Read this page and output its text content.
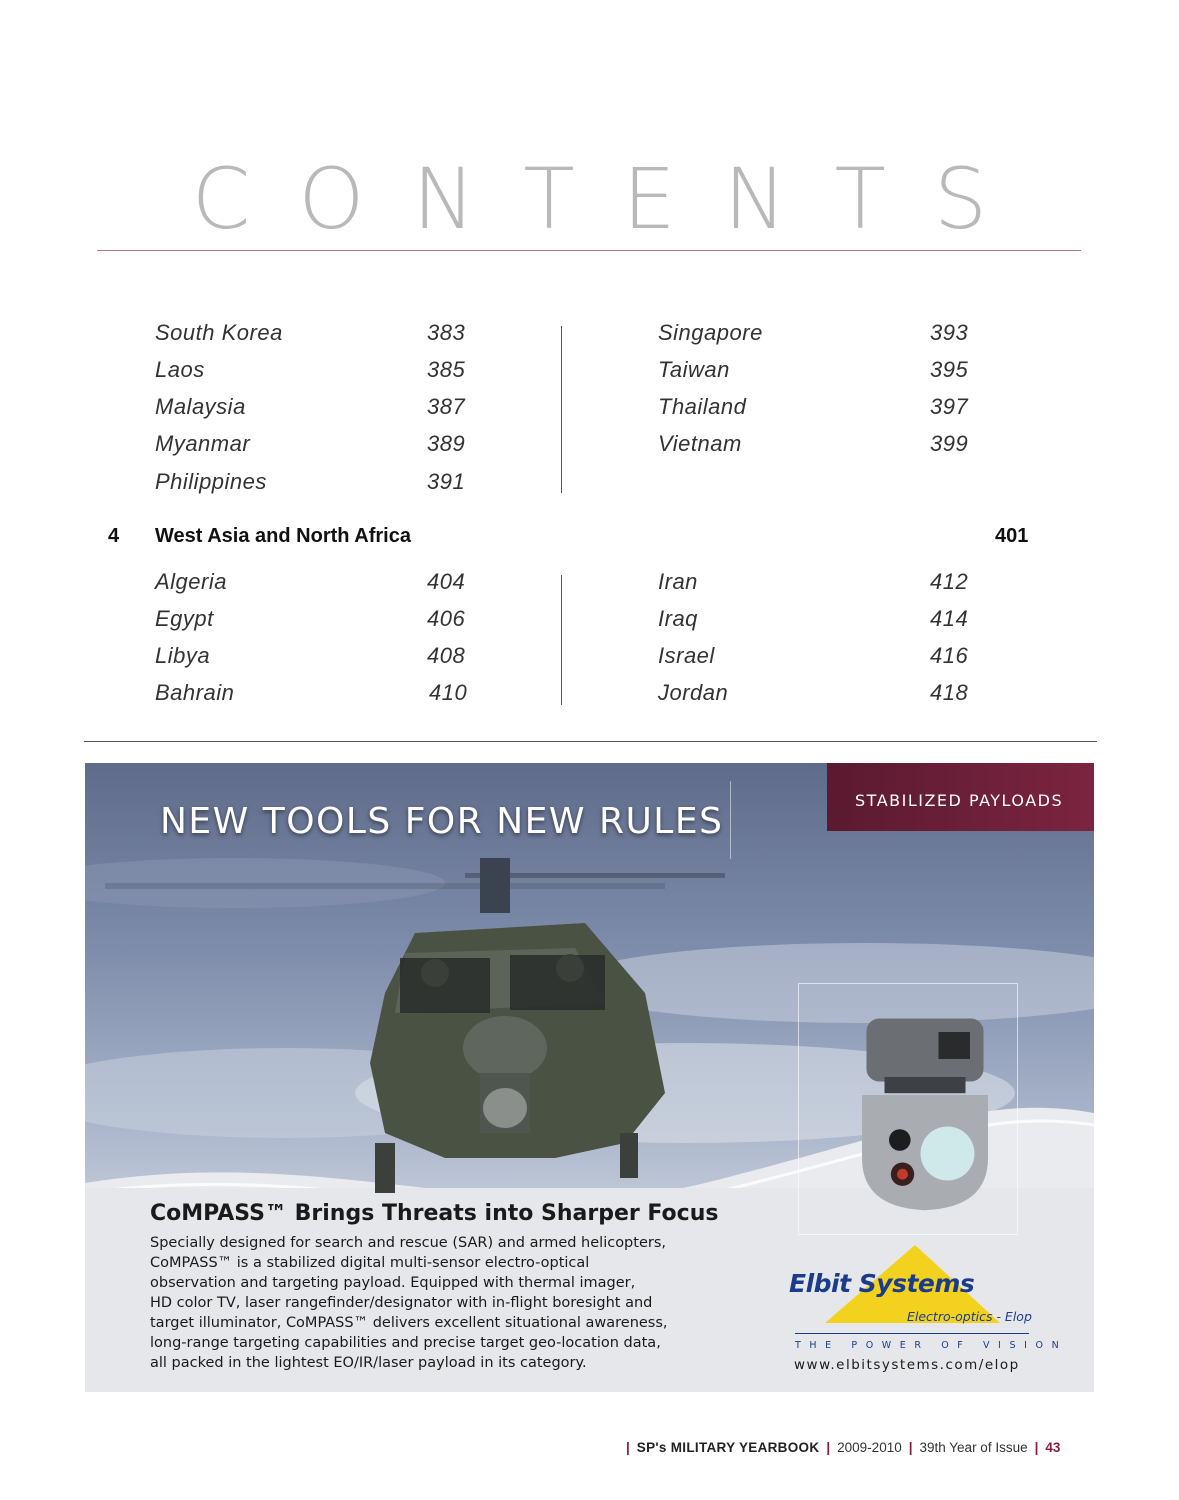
CONTENTS
South Korea	383
Laos	385
Malaysia	387
Myanmar	389
Philippines	391
Singapore	393
Taiwan	395
Thailand	397
Vietnam	399
4 West Asia and North Africa	401
Algeria	404
Egypt	406
Libya	408
Bahrain	410
Iran	412
Iraq	414
Israel	416
Jordan	418
NEW TOOLS FOR NEW RULES
STABILIZED PAYLOADS
CoMPASS™ Brings Threats into Sharper Focus
Specially designed for search and rescue (SAR) and armed helicopters,
CoMPASS™ is a stabilized digital multi-sensor electro-optical
observation and targeting payload. Equipped with thermal imager,
HD color TV, laser rangefinder/designator with in-flight boresight and
target illuminator, CoMPASS™ delivers excellent situational awareness,
long-range targeting capabilities and precise target geo-location data,
all packed in the lightest EO/IR/laser payload in its category.
Elbit Systems
Electro-optics - Elop
THE POWER OF VISION
www.elbitsystems.com/elop
| SP's MILITARY YEARBOOK | 2009-2010 | 39th Year of Issue | 43
